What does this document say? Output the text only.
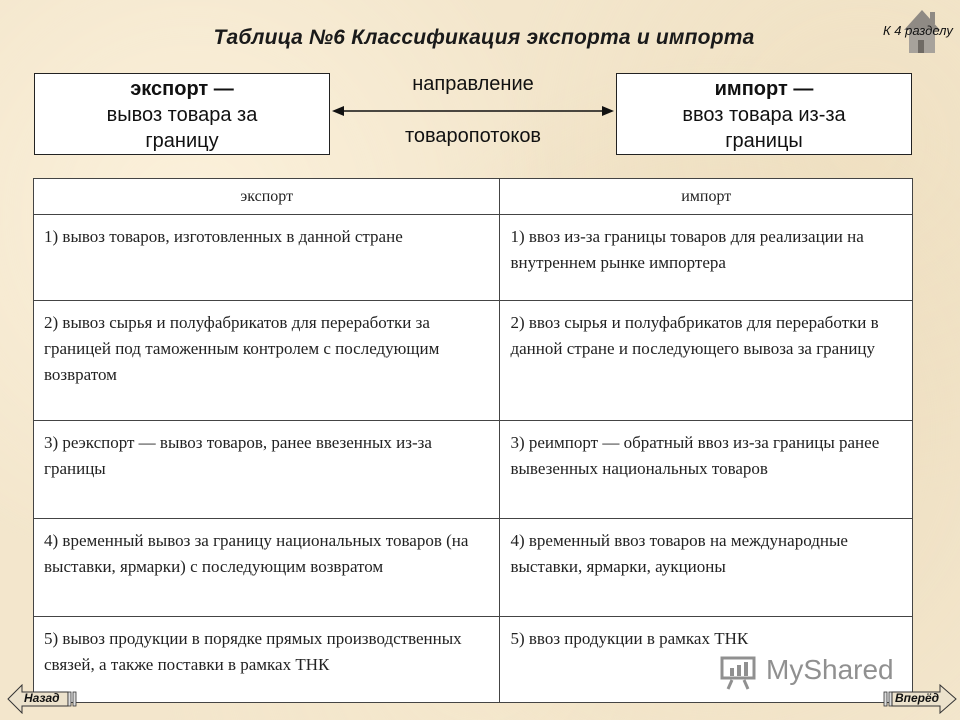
Таблица №6 Классификация экспорта и импорта	К 4 разделу
экспорт —
вывоз товара за
границу
направление
товаропотоков
импорт —
ввоз товара из-за
границы
экспорт	импорт
1) вывоз товаров, изготовленных в данной стране	1) ввоз из-за границы товаров для реализации на внутреннем рынке импортера
2) вывоз сырья и полуфабрикатов для переработки за границей под таможенным контролем с последующим возвратом	2) ввоз сырья и полуфабрикатов для переработки в данной стране и последующего вывоза за границу
3) реэкспорт — вывоз товаров, ранее ввезенных из-за границы	3) реимпорт — обратный ввоз из-за границы ранее вывезенных национальных товаров
4) временный вывоз за границу национальных товаров (на выставки, ярмарки) с последующим возвратом	4) временный ввоз товаров на международные выставки, ярмарки, аукционы
5) вывоз продукции в порядке прямых производственных связей, а также поставки в рамках ТНК	5) ввоз продукции в рамках ТНК
MyShared
Назад	Вперёд
